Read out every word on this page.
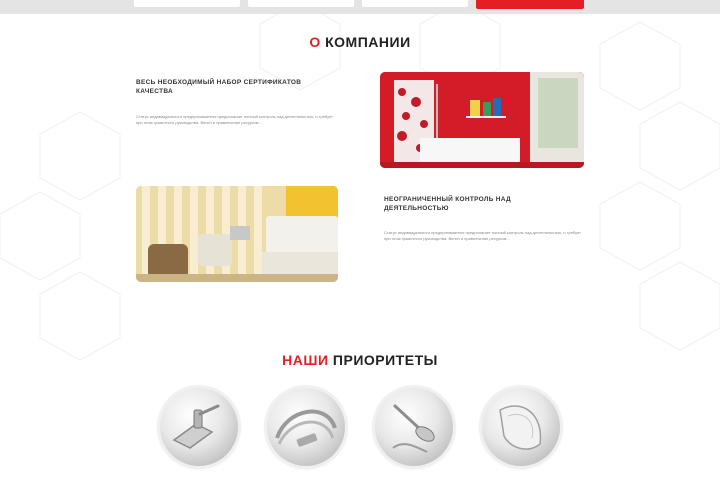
О КОМПАНИИ
ВЕСЬ НЕОБХОДИМЫЙ НАБОР СЕРТИФИКАТОВ КАЧЕСТВА
Статус индивидуального предпринимателя предполагает полный контроль над деятельностью, и требует при этом грамотного руководства. Bench и привлечение ресурсов...
НЕОГРАНИЧЕННЫЙ КОНТРОЛЬ НАД ДЕЯТЕЛЬНОСТЬЮ
Статус индивидуального предпринимателя предполагает полный контроль над деятельностью, и требует при этом грамотного руководства. Bench и привлечение ресурсов...
НАШИ ПРИОРИТЕТЫ
